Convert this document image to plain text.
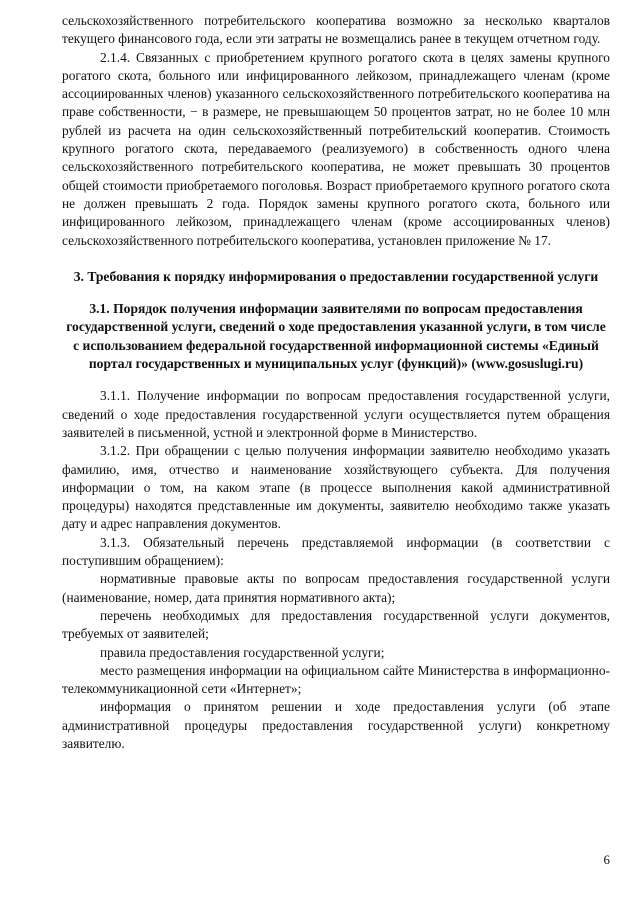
сельскохозяйственного потребительского кооператива возможно за несколько кварталов текущего финансового года, если эти затраты не возмещались ранее в текущем отчетном году.

2.1.4. Связанных с приобретением крупного рогатого скота в целях замены крупного рогатого скота, больного или инфицированного лейкозом, принадлежащего членам (кроме ассоциированных членов) указанного сельскохозяйственного потребительского кооператива на праве собственности, − в размере, не превышающем 50 процентов затрат, но не более 10 млн рублей из расчета на один сельскохозяйственный потребительский кооператив. Стоимость крупного рогатого скота, передаваемого (реализуемого) в собственность одного члена сельскохозяйственного потребительского кооператива, не может превышать 30 процентов общей стоимости приобретаемого поголовья. Возраст приобретаемого крупного рогатого скота не должен превышать 2 года. Порядок замены крупного рогатого скота, больного или инфицированного лейкозом, принадлежащего членам (кроме ассоциированных членов) сельскохозяйственного потребительского кооператива, установлен приложение № 17.

3. Требования к порядку информирования о предоставлении государственной услуги

3.1. Порядок получения информации заявителями по вопросам предоставления государственной услуги, сведений о ходе предоставления указанной услуги, в том числе с использованием федеральной государственной информационной системы «Единый портал государственных и муниципальных услуг (функций)» (www.gosuslugi.ru)

3.1.1. Получение информации по вопросам предоставления государственной услуги, сведений о ходе предоставления государственной услуги осуществляется путем обращения заявителей в письменной, устной и электронной форме в Министерство.

3.1.2. При обращении с целью получения информации заявителю необходимо указать фамилию, имя, отчество и наименование хозяйствующего субъекта. Для получения информации о том, на каком этапе (в процессе выполнения какой административной процедуры) находятся представленные им документы, заявителю необходимо также указать дату и адрес направления документов.

3.1.3. Обязательный перечень представляемой информации (в соответствии с поступившим обращением):

нормативные правовые акты по вопросам предоставления государственной услуги (наименование, номер, дата принятия нормативного акта);

перечень необходимых для предоставления государственной услуги документов, требуемых от заявителей;

правила предоставления государственной услуги;

место размещения информации на официальном сайте Министерства в информационно-телекоммуникационной сети «Интернет»;

информация о принятом решении и ходе предоставления услуги (об этапе административной процедуры предоставления государственной услуги) конкретному заявителю.

6
